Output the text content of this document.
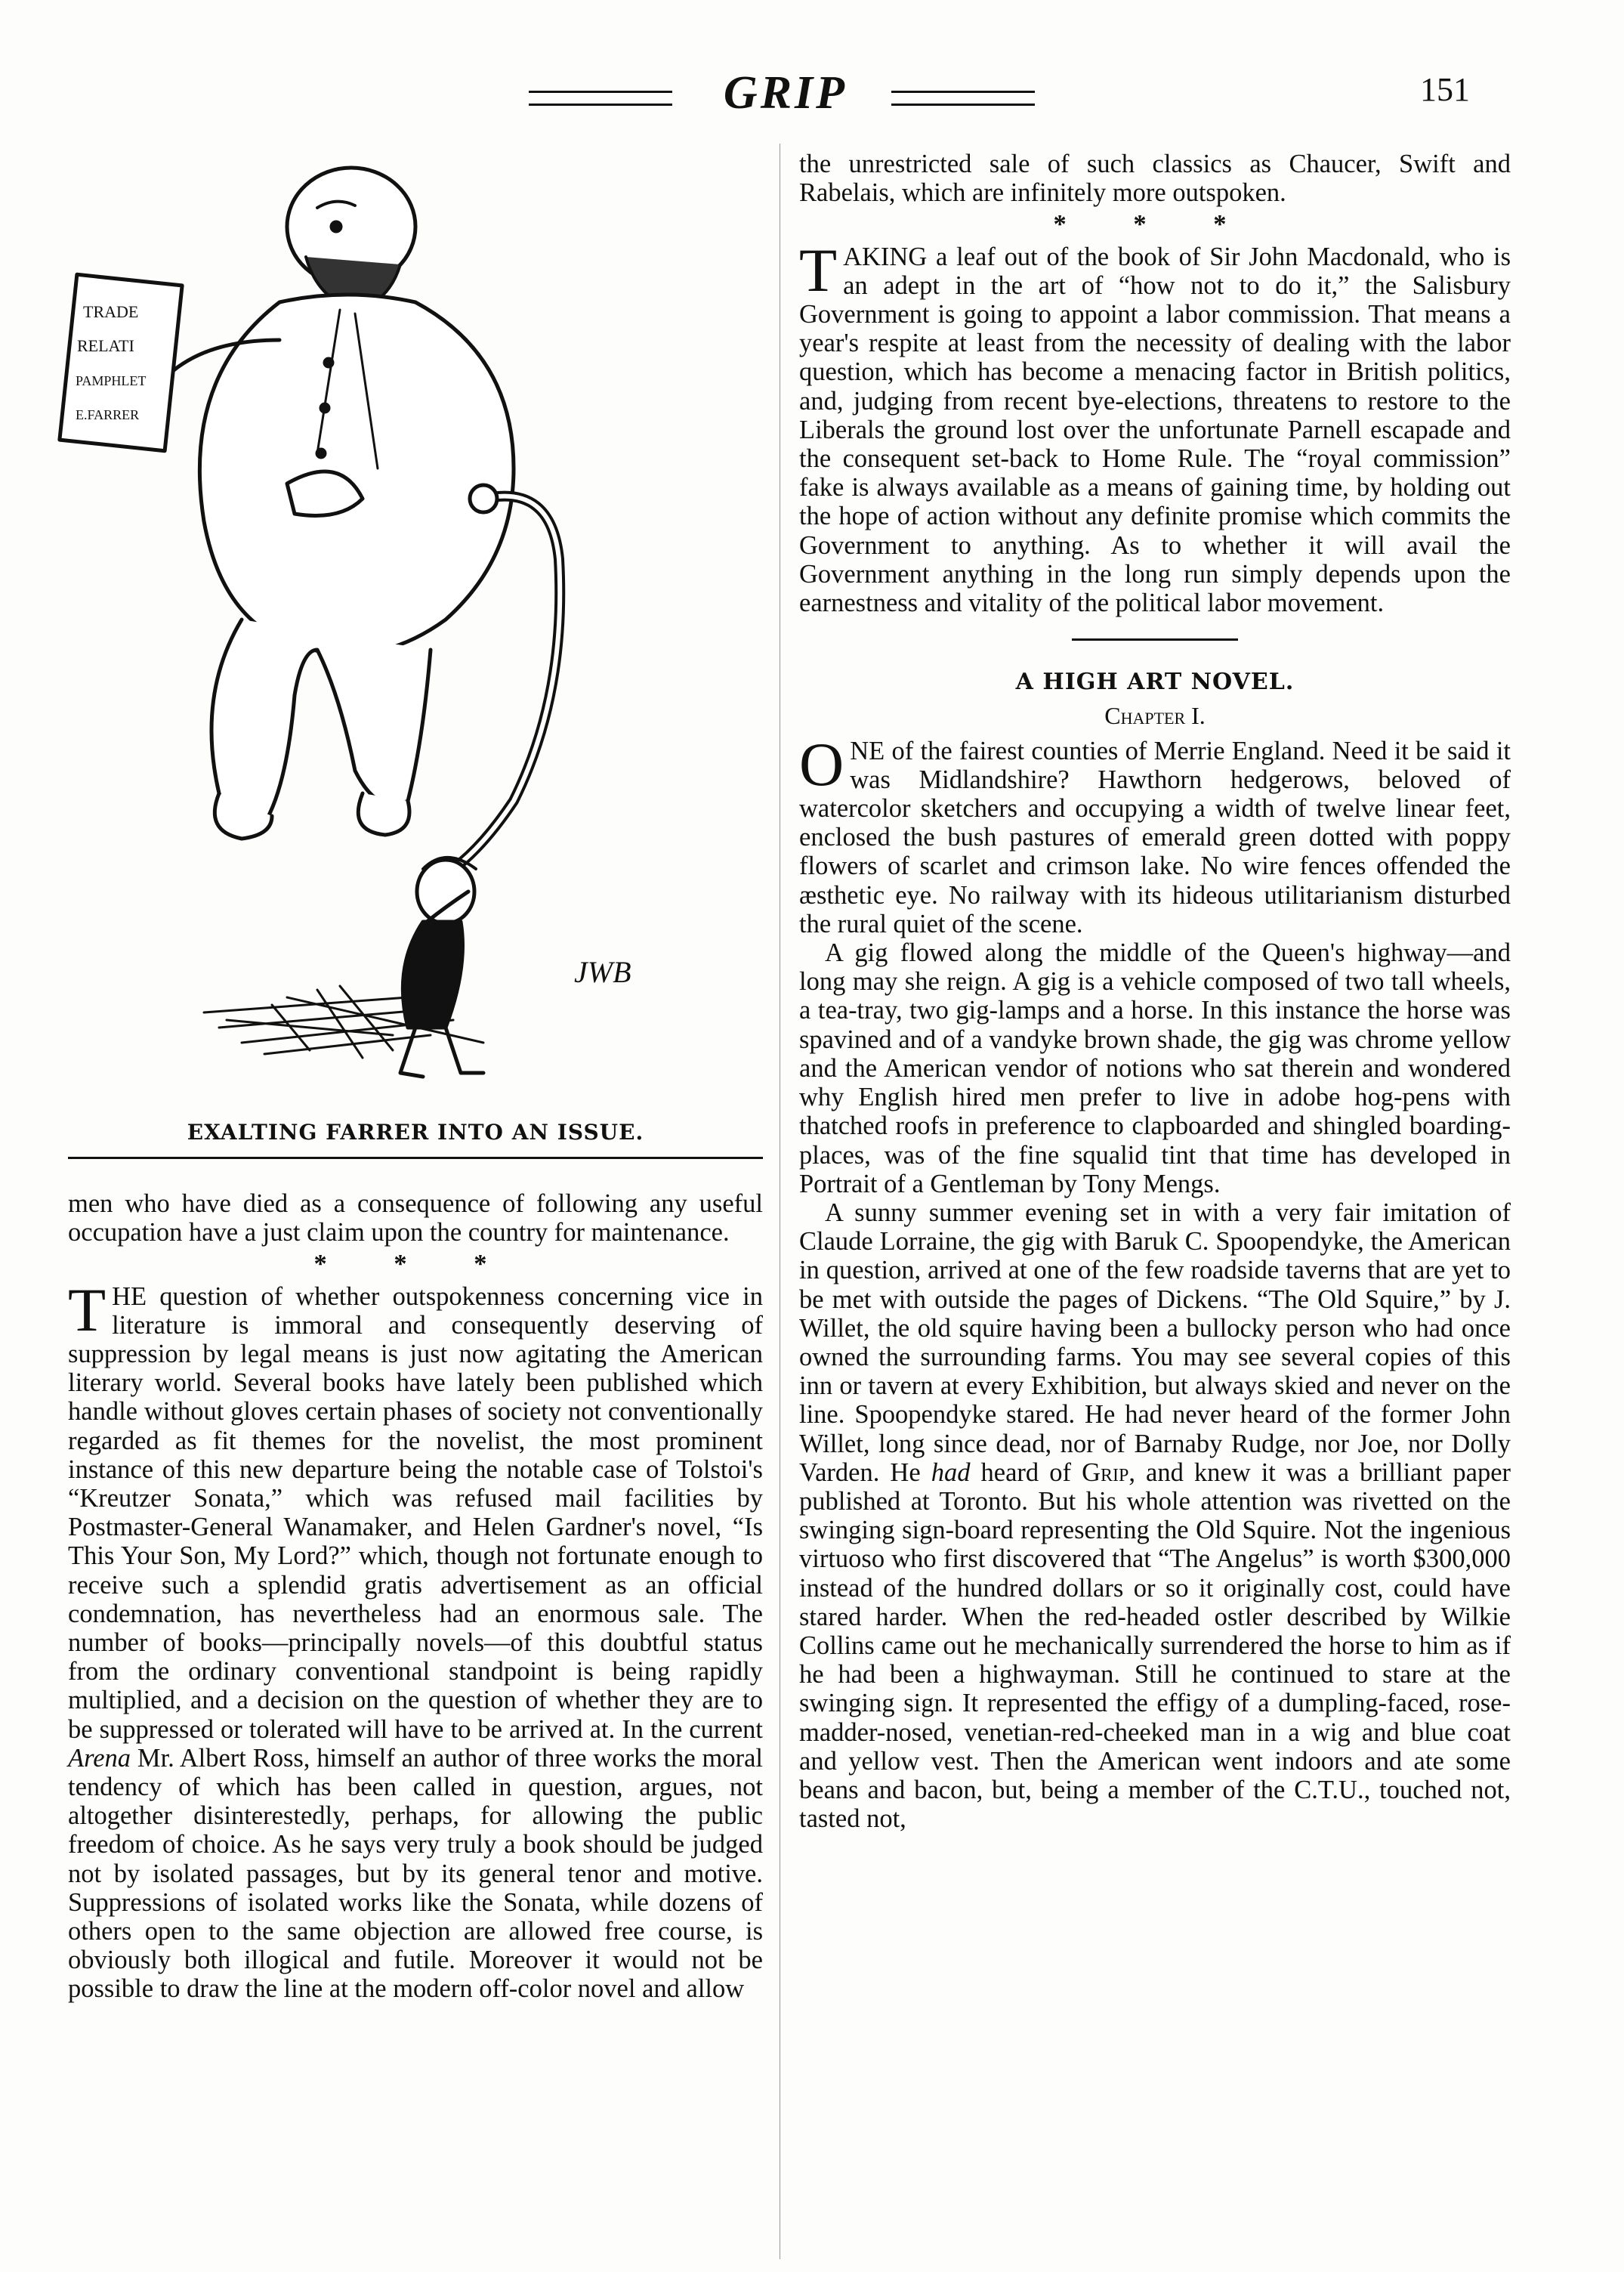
GRIP	151
TRADE
RELATI
PAMPHLET
E.FARRER
JWB
EXALTING FARRER INTO AN ISSUE.

men who have died as a consequence of following any useful occupation have a just claim upon the country for maintenance.

* * *

THE question of whether outspokenness concerning vice in literature is immoral and consequently deserving of suppression by legal means is just now agitating the American literary world. Several books have lately been published which handle without gloves certain phases of society not conventionally regarded as fit themes for the novelist, the most prominent instance of this new departure being the notable case of Tolstoi's “Kreutzer Sonata,” which was refused mail facilities by Postmaster-General Wanamaker, and Helen Gardner's novel, “Is This Your Son, My Lord?” which, though not fortunate enough to receive such a splendid gratis advertisement as an official condemnation, has nevertheless had an enormous sale. The number of books—principally novels—of this doubtful status from the ordinary conventional standpoint is being rapidly multiplied, and a decision on the question of whether they are to be suppressed or tolerated will have to be arrived at. In the current Arena Mr. Albert Ross, himself an author of three works the moral tendency of which has been called in question, argues, not altogether disinterestedly, perhaps, for allowing the public freedom of choice. As he says very truly a book should be judged not by isolated passages, but by its general tenor and motive. Suppressions of isolated works like the Sonata, while dozens of others open to the same objection are allowed free course, is obviously both illogical and futile. Moreover it would not be possible to draw the line at the modern off-color novel and allow

the unrestricted sale of such classics as Chaucer, Swift and Rabelais, which are infinitely more outspoken.

* * *

TAKING a leaf out of the book of Sir John Macdonald, who is an adept in the art of “how not to do it,” the Salisbury Government is going to appoint a labor commission. That means a year's respite at least from the necessity of dealing with the labor question, which has become a menacing factor in British politics, and, judging from recent bye-elections, threatens to restore to the Liberals the ground lost over the unfortunate Parnell escapade and the consequent set-back to Home Rule. The “royal commission” fake is always available as a means of gaining time, by holding out the hope of action without any definite promise which commits the Government to anything. As to whether it will avail the Government anything in the long run simply depends upon the earnestness and vitality of the political labor movement.

A HIGH ART NOVEL.

Chapter I.

ONE of the fairest counties of Merrie England. Need it be said it was Midlandshire? Hawthorn hedgerows, beloved of watercolor sketchers and occupying a width of twelve linear feet, enclosed the bush pastures of emerald green dotted with poppy flowers of scarlet and crimson lake. No wire fences offended the æsthetic eye. No railway with its hideous utilitarianism disturbed the rural quiet of the scene.

A gig flowed along the middle of the Queen's highway—and long may she reign. A gig is a vehicle composed of two tall wheels, a tea-tray, two gig-lamps and a horse. In this instance the horse was spavined and of a vandyke brown shade, the gig was chrome yellow and the American vendor of notions who sat therein and wondered why English hired men prefer to live in adobe hog-pens with thatched roofs in preference to clapboarded and shingled boarding-places, was of the fine squalid tint that time has developed in Portrait of a Gentleman by Tony Mengs.

A sunny summer evening set in with a very fair imitation of Claude Lorraine, the gig with Baruk C. Spoopendyke, the American in question, arrived at one of the few roadside taverns that are yet to be met with outside the pages of Dickens. “The Old Squire,” by J. Willet, the old squire having been a bullocky person who had once owned the surrounding farms. You may see several copies of this inn or tavern at every Exhibition, but always skied and never on the line. Spoopendyke stared. He had never heard of the former John Willet, long since dead, nor of Barnaby Rudge, nor Joe, nor Dolly Varden. He had heard of Grip, and knew it was a brilliant paper published at Toronto. But his whole attention was rivetted on the swinging sign-board representing the Old Squire. Not the ingenious virtuoso who first discovered that “The Angelus” is worth $300,000 instead of the hundred dollars or so it originally cost, could have stared harder. When the red-headed ostler described by Wilkie Collins came out he mechanically surrendered the horse to him as if he had been a highwayman. Still he continued to stare at the swinging sign. It represented the effigy of a dumpling-faced, rose-madder-nosed, venetian-red-cheeked man in a wig and blue coat and yellow vest. Then the American went indoors and ate some beans and bacon, but, being a member of the C.T.U., touched not, tasted not,
